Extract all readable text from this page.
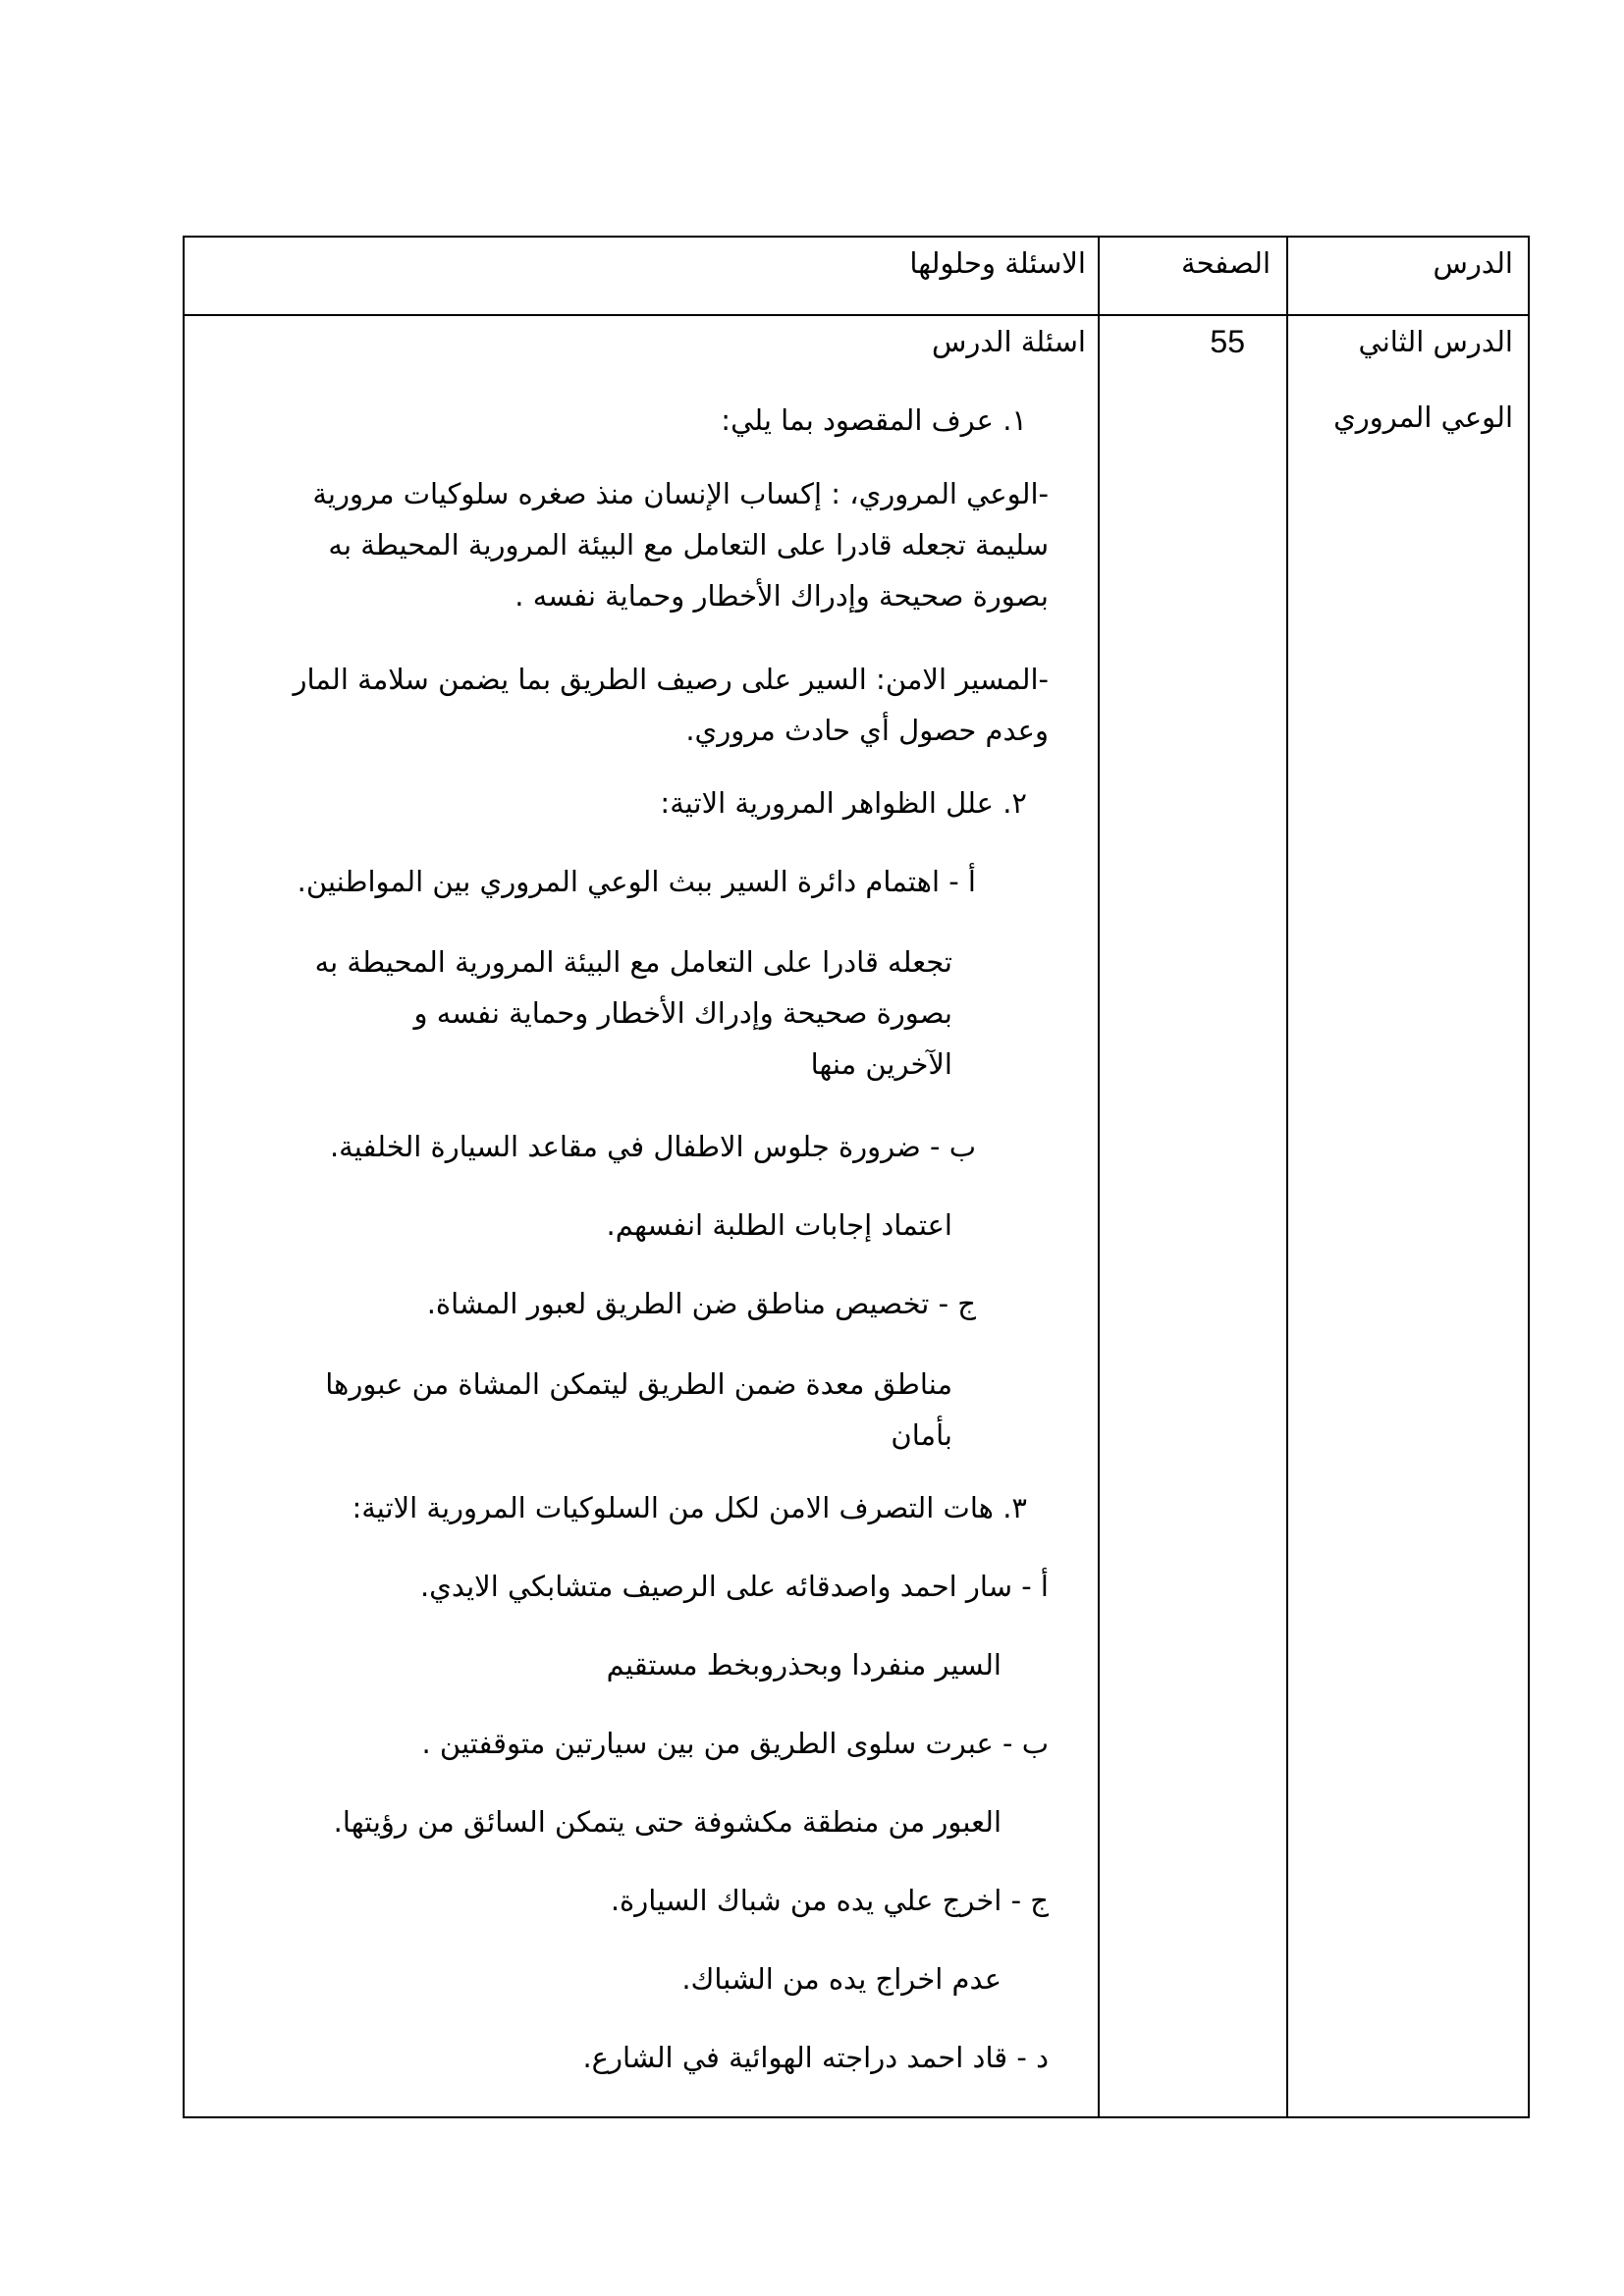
الدرس
الصفحة
الاسئلة وحلولها
الدرس الثاني
الوعي المروري
55
اسئلة الدرس
١. عرف المقصود بما يلي:
-الوعي المروري، : إكساب الإنسان منذ صغره سلوكيات مرورية
سليمة تجعله قادرا على التعامل مع البيئة المرورية المحيطة به
بصورة صحيحة وإدراك الأخطار وحماية نفسه .
-المسير الامن: السير على رصيف الطريق بما يضمن سلامة المار
وعدم حصول أي حادث مروري.
٢. علل الظواهر المرورية الاتية:
أ - اهتمام دائرة السير ببث الوعي المروري بين المواطنين.
تجعله قادرا على التعامل مع البيئة المرورية المحيطة به
بصورة صحيحة وإدراك الأخطار وحماية نفسه و
الآخرين منها
ب - ضرورة جلوس الاطفال في مقاعد السيارة الخلفية.
اعتماد إجابات الطلبة انفسهم.
ج - تخصيص مناطق ضن الطريق لعبور المشاة.
مناطق معدة ضمن الطريق ليتمكن المشاة من عبورها
بأمان
٣. هات التصرف الامن لكل من السلوكيات المرورية الاتية:
أ - سار احمد واصدقائه على الرصيف متشابكي الايدي.
السير منفردا وبحذروبخط مستقيم
ب - عبرت سلوى الطريق من بين سيارتين متوقفتين .
العبور من منطقة مكشوفة حتى يتمكن السائق من رؤيتها.
ج - اخرج علي يده من شباك السيارة.
عدم اخراج يده من الشباك.
د - قاد احمد دراجته الهوائية في الشارع.
